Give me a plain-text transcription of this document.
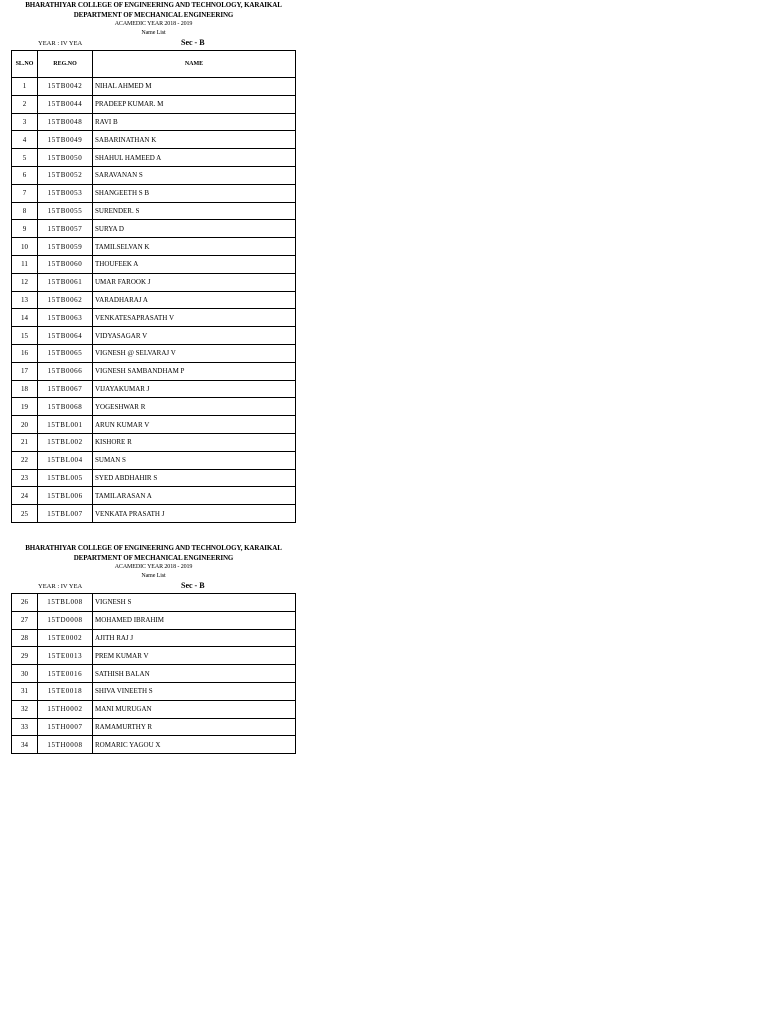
BHARATHIYAR COLLEGE OF ENGINEERING AND TECHNOLOGY, KARAIKAL
DEPARTMENT OF MECHANICAL ENGINEERING
ACAMEDIC YEAR 2018 - 2019
Name List
YEAR : IV YEA	Sec - B
SL.NO	REG.NO	NAME
1	15TB0042	NIHAL AHMED M
2	15TB0044	PRADEEP KUMAR. M
3	15TB0048	RAVI B
4	15TB0049	SABARINATHAN K
5	15TB0050	SHAHUL HAMEED A
6	15TB0052	SARAVANAN S
7	15TB0053	SHANGEETH S B
8	15TB0055	SURENDER. S
9	15TB0057	SURYA D
10	15TB0059	TAMILSELVAN K
11	15TB0060	THOUFEEK A
12	15TB0061	UMAR FAROOK J
13	15TB0062	VARADHARAJ A
14	15TB0063	VENKATESAPRASATH V
15	15TB0064	VIDYASAGAR V
16	15TB0065	VIGNESH @ SELVARAJ V
17	15TB0066	VIGNESH SAMBANDHAM P
18	15TB0067	VIJAYAKUMAR J
19	15TB0068	YOGESHWAR R
20	15TBL001	ARUN KUMAR V
21	15TBL002	KISHORE R
22	15TBL004	SUMAN S
23	15TBL005	SYED ABDHAHIR S
24	15TBL006	TAMILARASAN A
25	15TBL007	VENKATA PRASATH J
BHARATHIYAR COLLEGE OF ENGINEERING AND TECHNOLOGY, KARAIKAL
DEPARTMENT OF MECHANICAL ENGINEERING
ACAMEDIC YEAR 2018 - 2019
Name List
YEAR : IV YEA	Sec - B
26	15TBL008	VIGNESH S
27	15TD0008	MOHAMED IBRAHIM
28	15TE0002	AJITH RAJ J
29	15TE0013	PREM KUMAR V
30	15TE0016	SATHISH BALAN
31	15TE0018	SHIVA VINEETH S
32	15TH0002	MANI MURUGAN
33	15TH0007	RAMAMURTHY R
34	15TH0008	ROMARIC YAGOU X
